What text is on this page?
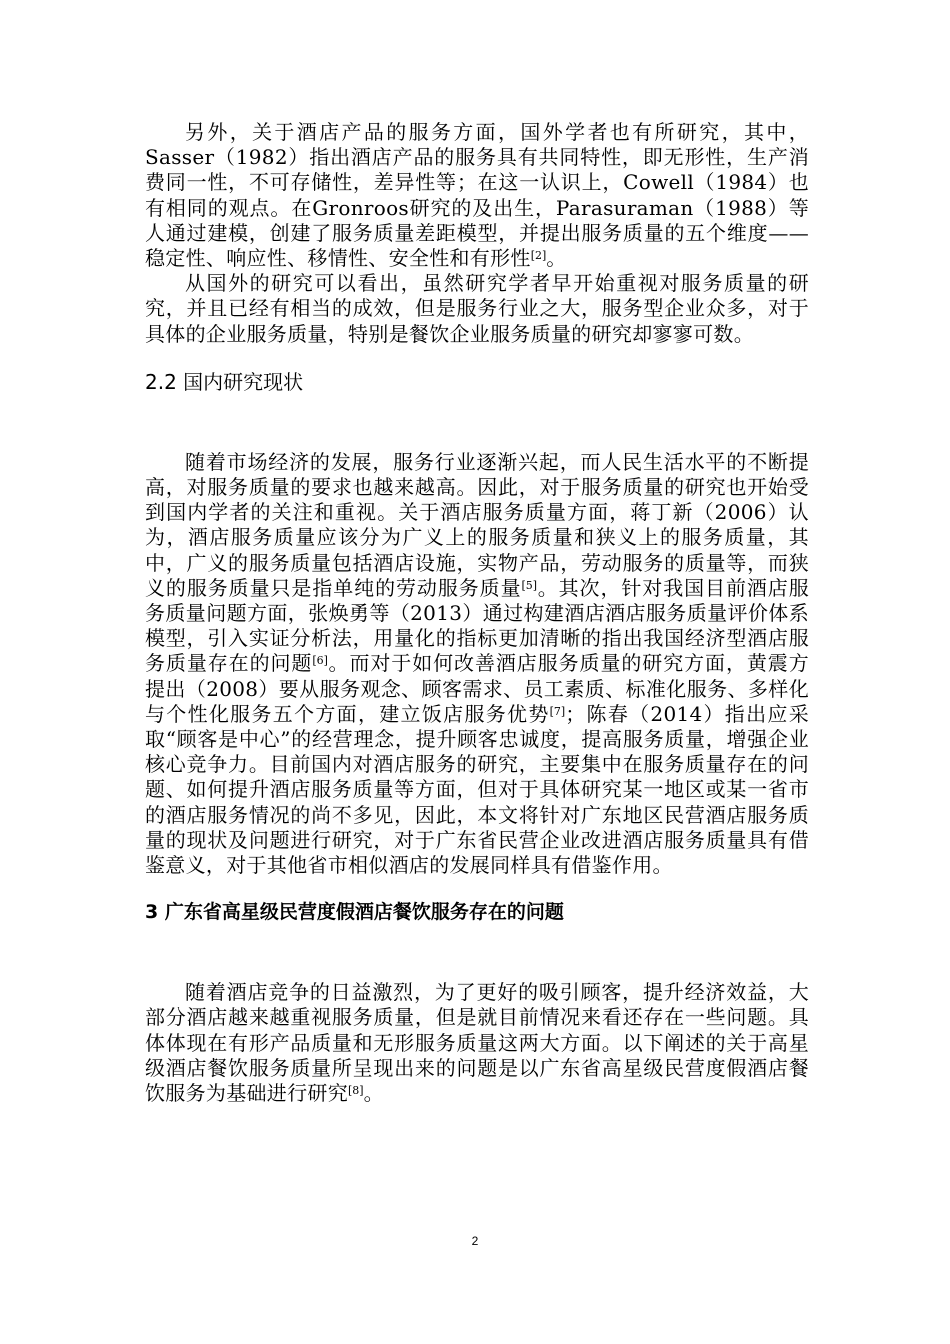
另外，关于酒店产品的服务方面，国外学者也有所研究，其中，Sasser（1982）指出酒店产品的服务具有共同特性，即无形性，生产消费同一性，不可存储性，差异性等；在这一认识上，Cowell（1984）也有相同的观点。在Gronroos研究的及出生，Parasuraman（1988）等人通过建模，创建了服务质量差距模型，并提出服务质量的五个维度——稳定性、响应性、移情性、安全性和有形性[2]。

从国外的研究可以看出，虽然研究学者早开始重视对服务质量的研究，并且已经有相当的成效，但是服务行业之大，服务型企业众多，对于具体的企业服务质量，特别是餐饮企业服务质量的研究却寥寥可数。

2.2 国内研究现状

随着市场经济的发展，服务行业逐渐兴起，而人民生活水平的不断提高，对服务质量的要求也越来越高。因此，对于服务质量的研究也开始受到国内学者的关注和重视。关于酒店服务质量方面，蒋丁新（2006）认为，酒店服务质量应该分为广义上的服务质量和狭义上的服务质量，其中，广义的服务质量包括酒店设施，实物产品，劳动服务的质量等，而狭义的服务质量只是指单纯的劳动服务质量[5]。其次，针对我国目前酒店服务质量问题方面，张焕勇等（2013）通过构建酒店酒店服务质量评价体系模型，引入实证分析法，用量化的指标更加清晰的指出我国经济型酒店服务质量存在的问题[6]。而对于如何改善酒店服务质量的研究方面，黄震方提出（2008）要从服务观念、顾客需求、员工素质、标准化服务、多样化与个性化服务五个方面，建立饭店服务优势[7]；陈春（2014）指出应采取“顾客是中心”的经营理念，提升顾客忠诚度，提高服务质量，增强企业核心竞争力。目前国内对酒店服务的研究，主要集中在服务质量存在的问题、如何提升酒店服务质量等方面，但对于具体研究某一地区或某一省市的酒店服务情况的尚不多见，因此，本文将针对广东地区民营酒店服务质量的现状及问题进行研究，对于广东省民营企业改进酒店服务质量具有借鉴意义，对于其他省市相似酒店的发展同样具有借鉴作用。

3 广东省高星级民营度假酒店餐饮服务存在的问题

随着酒店竞争的日益激烈，为了更好的吸引顾客，提升经济效益，大部分酒店越来越重视服务质量，但是就目前情况来看还存在一些问题。具体体现在有形产品质量和无形服务质量这两大方面。以下阐述的关于高星级酒店餐饮服务质量所呈现出来的问题是以广东省高星级民营度假酒店餐饮服务为基础进行研究[8]。

2
